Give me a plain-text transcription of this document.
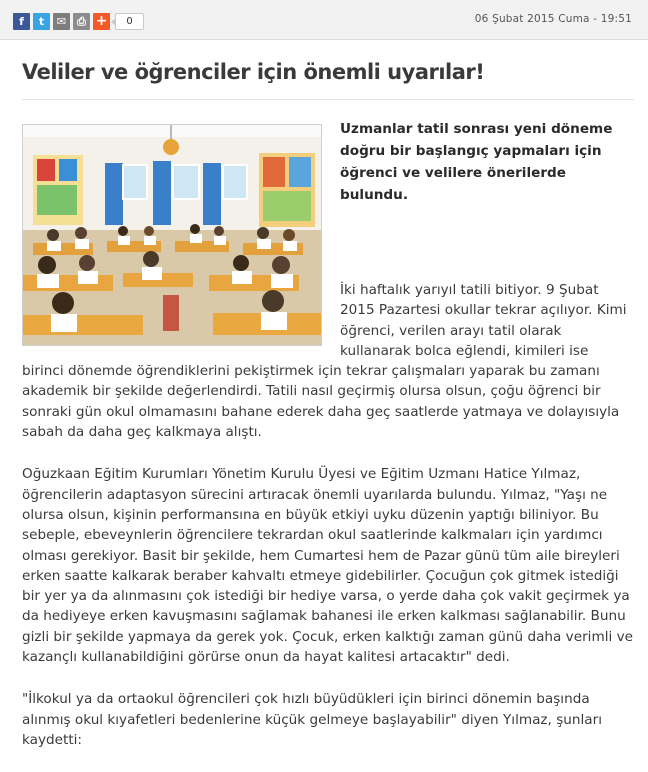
f t ✉ ⎙ +	0	06 Şubat 2015 Cuma - 19:51
Veliler ve öğrenciler için önemli uyarılar!

Uzmanlar tatil sonrası yeni döneme doğru bir başlangıç yapmaları için öğrenci ve velilere önerilerde bulundu.

İki haftalık yarıyıl tatili bitiyor. 9 Şubat 2015 Pazartesi okullar tekrar açılıyor. Kimi öğrenci, verilen arayı tatil olarak kullanarak bolca eğlendi, kimileri ise birinci dönemde öğrendiklerini pekiştirmek için tekrar çalışmaları yaparak bu zamanı akademik bir şekilde değerlendirdi. Tatili nasıl geçirmiş olursa olsun, çoğu öğrenci bir sonraki gün okul olmamasını bahane ederek daha geç saatlerde yatmaya ve dolayısıyla sabah da daha geç kalkmaya alıştı.

Oğuzkaan Eğitim Kurumları Yönetim Kurulu Üyesi ve Eğitim Uzmanı Hatice Yılmaz, öğrencilerin adaptasyon sürecini artıracak önemli uyarılarda bulundu. Yılmaz, "Yaşı ne olursa olsun, kişinin performansına en büyük etkiyi uyku düzenin yaptığı biliniyor. Bu sebeple, ebeveynlerin öğrencilere tekrardan okul saatlerinde kalkmaları için yardımcı olması gerekiyor. Basit bir şekilde, hem Cumartesi hem de Pazar günü tüm aile bireyleri erken saatte kalkarak beraber kahvaltı etmeye gidebilirler. Çocuğun çok gitmek istediği bir yer ya da alınmasını çok istediği bir hediye varsa, o yerde daha çok vakit geçirmek ya da hediyeye erken kavuşmasını sağlamak bahanesi ile erken kalkması sağlanabilir. Bunu gizli bir şekilde yapmaya da gerek yok. Çocuk, erken kalktığı zaman günü daha verimli ve kazançlı kullanabildiğini görürse onun da hayat kalitesi artacaktır" dedi.

"İlkokul ya da ortaokul öğrencileri çok hızlı büyüdükleri için birinci dönemin başında alınmış okul kıyafetleri bedenlerine küçük gelmeye başlayabilir" diyen Yılmaz, şunları kaydetti:
